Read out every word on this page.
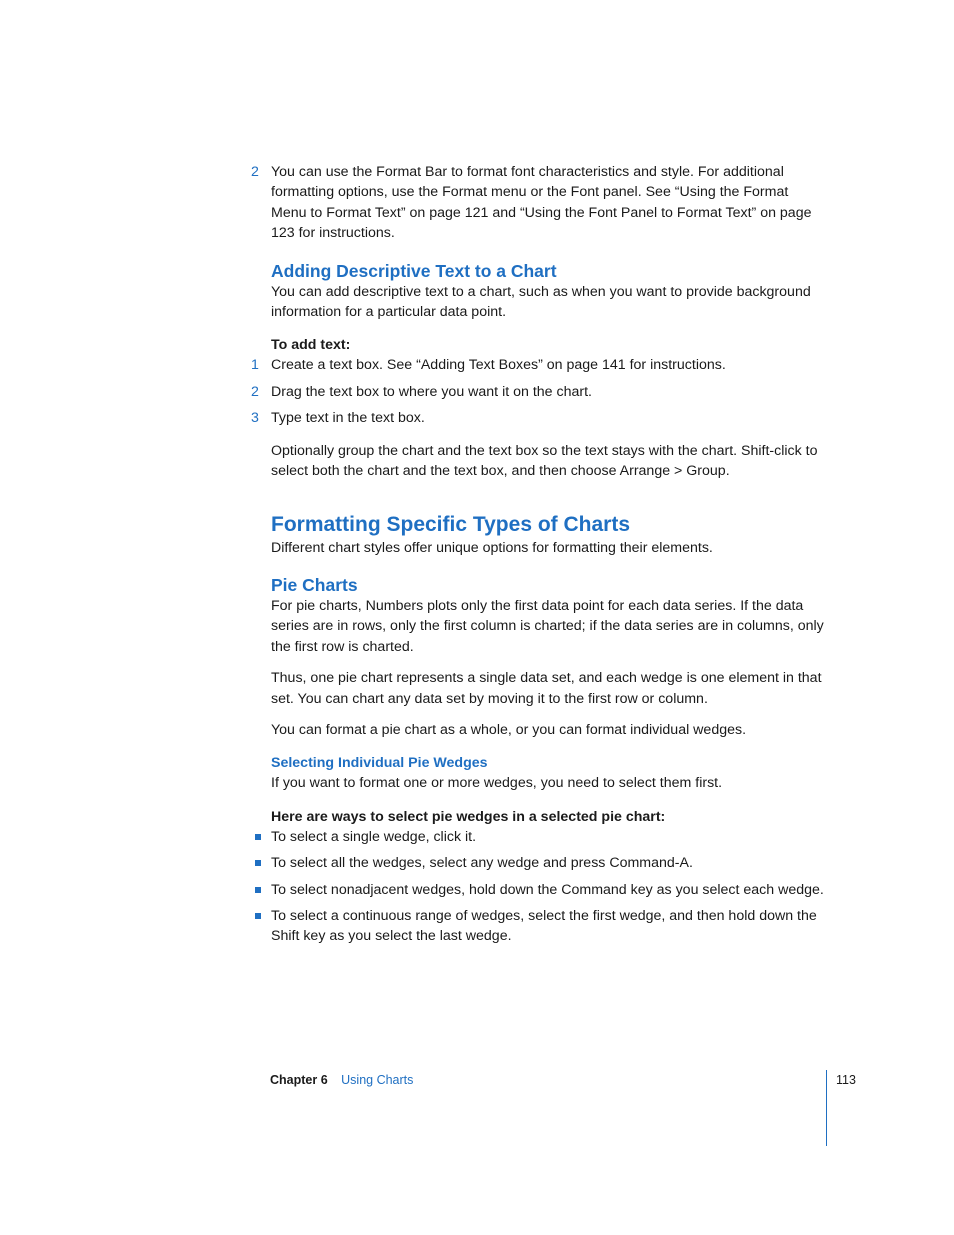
2 You can use the Format Bar to format font characteristics and style. For additional formatting options, use the Format menu or the Font panel. See “Using the Format Menu to Format Text” on page 121 and “Using the Font Panel to Format Text” on page 123 for instructions.

Adding Descriptive Text to a Chart

You can add descriptive text to a chart, such as when you want to provide background information for a particular data point.

To add text:

1 Create a text box. See “Adding Text Boxes” on page 141 for instructions.

2 Drag the text box to where you want it on the chart.

3 Type text in the text box.

Optionally group the chart and the text box so the text stays with the chart. Shift-click to select both the chart and the text box, and then choose Arrange > Group.

Formatting Specific Types of Charts

Different chart styles offer unique options for formatting their elements.

Pie Charts

For pie charts, Numbers plots only the first data point for each data series. If the data series are in rows, only the first column is charted; if the data series are in columns, only the first row is charted.

Thus, one pie chart represents a single data set, and each wedge is one element in that set. You can chart any data set by moving it to the first row or column.

You can format a pie chart as a whole, or you can format individual wedges.

Selecting Individual Pie Wedges

If you want to format one or more wedges, you need to select them first.

Here are ways to select pie wedges in a selected pie chart:

To select a single wedge, click it.

To select all the wedges, select any wedge and press Command-A.

To select nonadjacent wedges, hold down the Command key as you select each wedge.

To select a continuous range of wedges, select the first wedge, and then hold down the Shift key as you select the last wedge.

Chapter 6 Using Charts	113
